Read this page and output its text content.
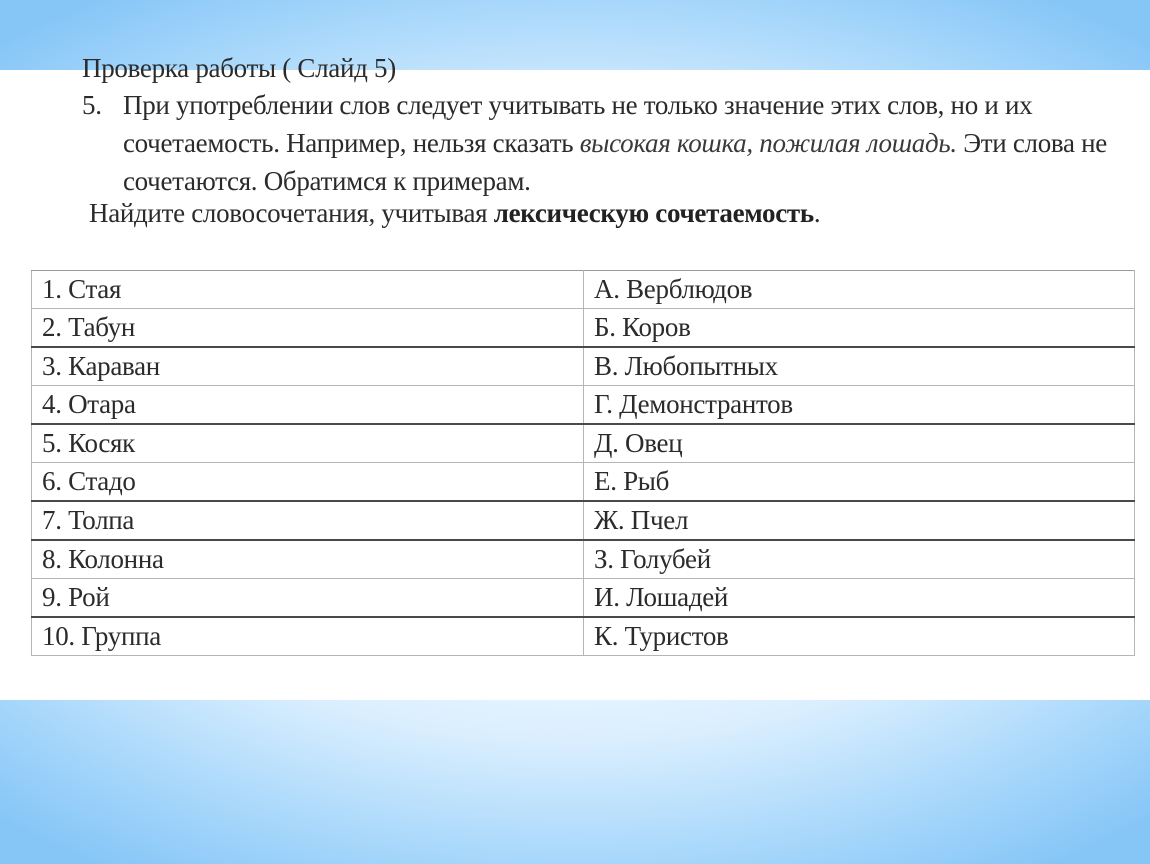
Проверка работы ( Слайд 5)
5. При употреблении слов следует учитывать не только значение этих слов, но и их сочетаемость. Например, нельзя сказать высокая кошка, пожилая лошадь. Эти слова не сочетаются. Обратимся к примерам.
Найдите словосочетания, учитывая лексическую сочетаемость.
1. Стая	А. Верблюдов
2. Табун	Б. Коров
3. Караван	В. Любопытных
4. Отара	Г. Демонстрантов
5. Косяк	Д. Овец
6. Стадо	Е. Рыб
7. Толпа	Ж. Пчел
8. Колонна	З. Голубей
9. Рой	И. Лошадей
10. Группа	К. Туристов
